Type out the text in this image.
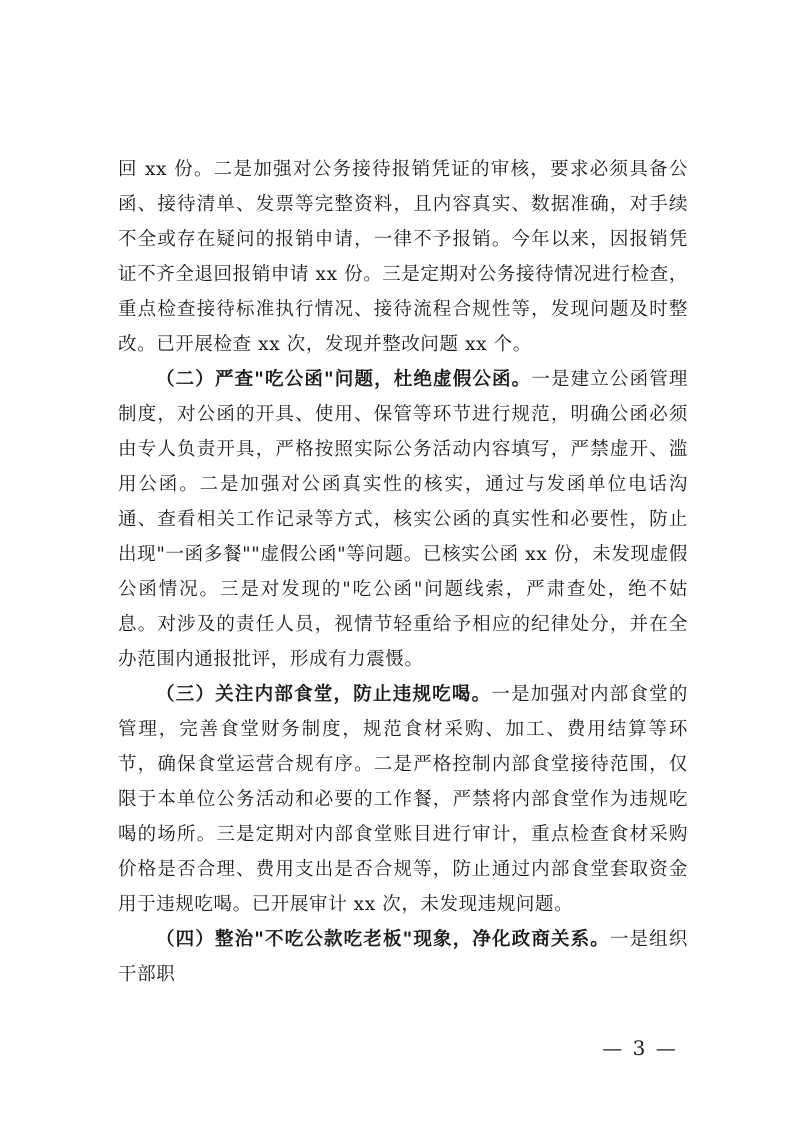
回 xx 份。二是加强对公务接待报销凭证的审核，要求必须具备公函、接待清单、发票等完整资料，且内容真实、数据准确，对手续不全或存在疑问的报销申请，一律不予报销。今年以来，因报销凭证不齐全退回报销申请 xx 份。三是定期对公务接待情况进行检查，重点检查接待标准执行情况、接待流程合规性等，发现问题及时整改。已开展检查 xx 次，发现并整改问题 xx 个。

（二）严查"吃公函"问题，杜绝虚假公函。一是建立公函管理制度，对公函的开具、使用、保管等环节进行规范，明确公函必须由专人负责开具，严格按照实际公务活动内容填写，严禁虚开、滥用公函。二是加强对公函真实性的核实，通过与发函单位电话沟通、查看相关工作记录等方式，核实公函的真实性和必要性，防止出现"一函多餐""虚假公函"等问题。已核实公函 xx 份，未发现虚假公函情况。三是对发现的"吃公函"问题线索，严肃查处，绝不姑息。对涉及的责任人员，视情节轻重给予相应的纪律处分，并在全办范围内通报批评，形成有力震慑。

（三）关注内部食堂，防止违规吃喝。一是加强对内部食堂的管理，完善食堂财务制度，规范食材采购、加工、费用结算等环节，确保食堂运营合规有序。二是严格控制内部食堂接待范围，仅限于本单位公务活动和必要的工作餐，严禁将内部食堂作为违规吃喝的场所。三是定期对内部食堂账目进行审计，重点检查食材采购价格是否合理、费用支出是否合规等，防止通过内部食堂套取资金用于违规吃喝。已开展审计 xx 次，未发现违规问题。

（四）整治"不吃公款吃老板"现象，净化政商关系。一是组织干部职

— 3 —
